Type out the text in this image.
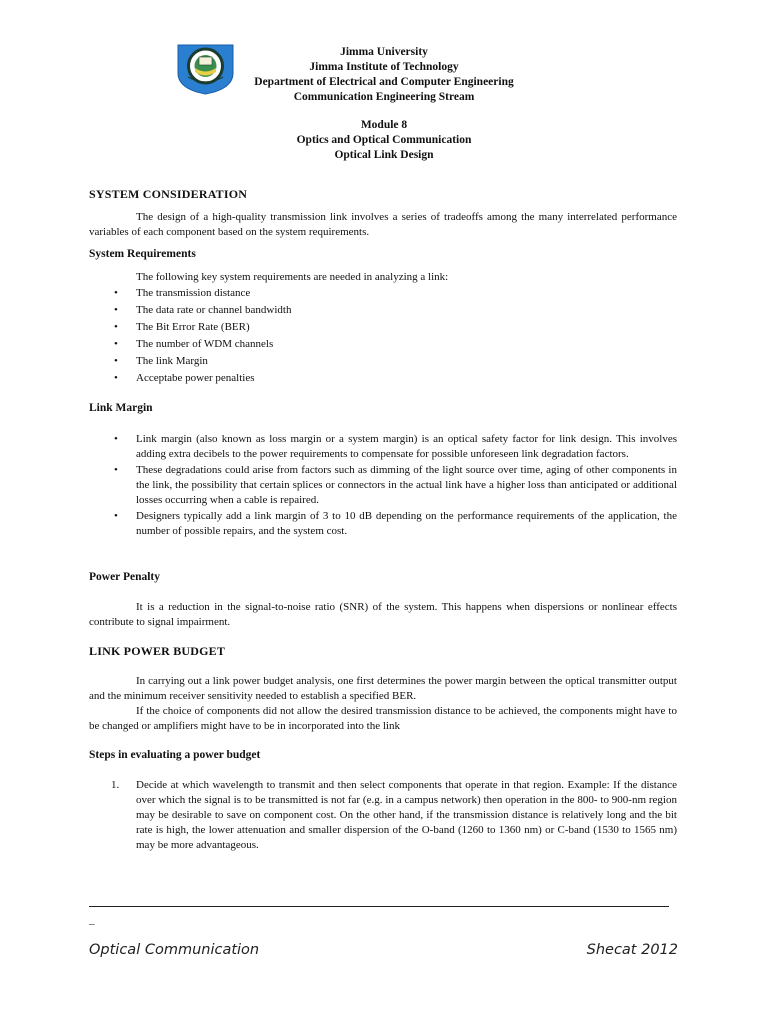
Jimma University
Jimma Institute of Technology
Department of Electrical and Computer Engineering
Communication Engineering Stream
Module 8
Optics and Optical Communication
Optical Link Design
SYSTEM CONSIDERATION
The design of a high-quality transmission link involves a series of tradeoffs among the many interrelated performance variables of each component based on the system requirements.
System Requirements
The following key system requirements are needed in analyzing a link:
• The transmission distance
• The data rate or channel bandwidth
• The Bit Error Rate (BER)
• The number of WDM channels
• The link Margin
• Acceptabe power penalties
Link Margin
• Link margin (also known as loss margin or a system margin) is an optical safety factor for link design. This involves adding extra decibels to the power requirements to compensate for possible unforeseen link degradation factors.
• These degradations could arise from factors such as dimming of the light source over time, aging of other components in the link, the possibility that certain splices or connectors in the actual link have a higher loss than anticipated or additional losses occurring when a cable is repaired.
• Designers typically add a link margin of 3 to 10 dB depending on the performance requirements of the application, the number of possible repairs, and the system cost.
Power Penalty
It is a reduction in the signal-to-noise ratio (SNR) of the system. This happens when dispersions or nonlinear effects contribute to signal impairment.
LINK POWER BUDGET
In carrying out a link power budget analysis, one first determines the power margin between the optical transmitter output and the minimum receiver sensitivity needed to establish a specified BER.
If the choice of components did not allow the desired transmission distance to be achieved, the components might have to be changed or amplifiers might have to be in incorporated into the link
Steps in evaluating a power budget
1. Decide at which wavelength to transmit and then select components that operate in that region. Example: If the distance over which the signal is to be transmitted is not far (e.g. in a campus network) then operation in the 800- to 900-nm region may be desirable to save on component cost. On the other hand, if the transmission distance is relatively long and the bit rate is high, the lower attenuation and smaller dispersion of the O-band (1260 to 1360 nm) or C-band (1530 to 1565 nm) may be more advantageous.
_
Optical Communication	Shecat 2012
